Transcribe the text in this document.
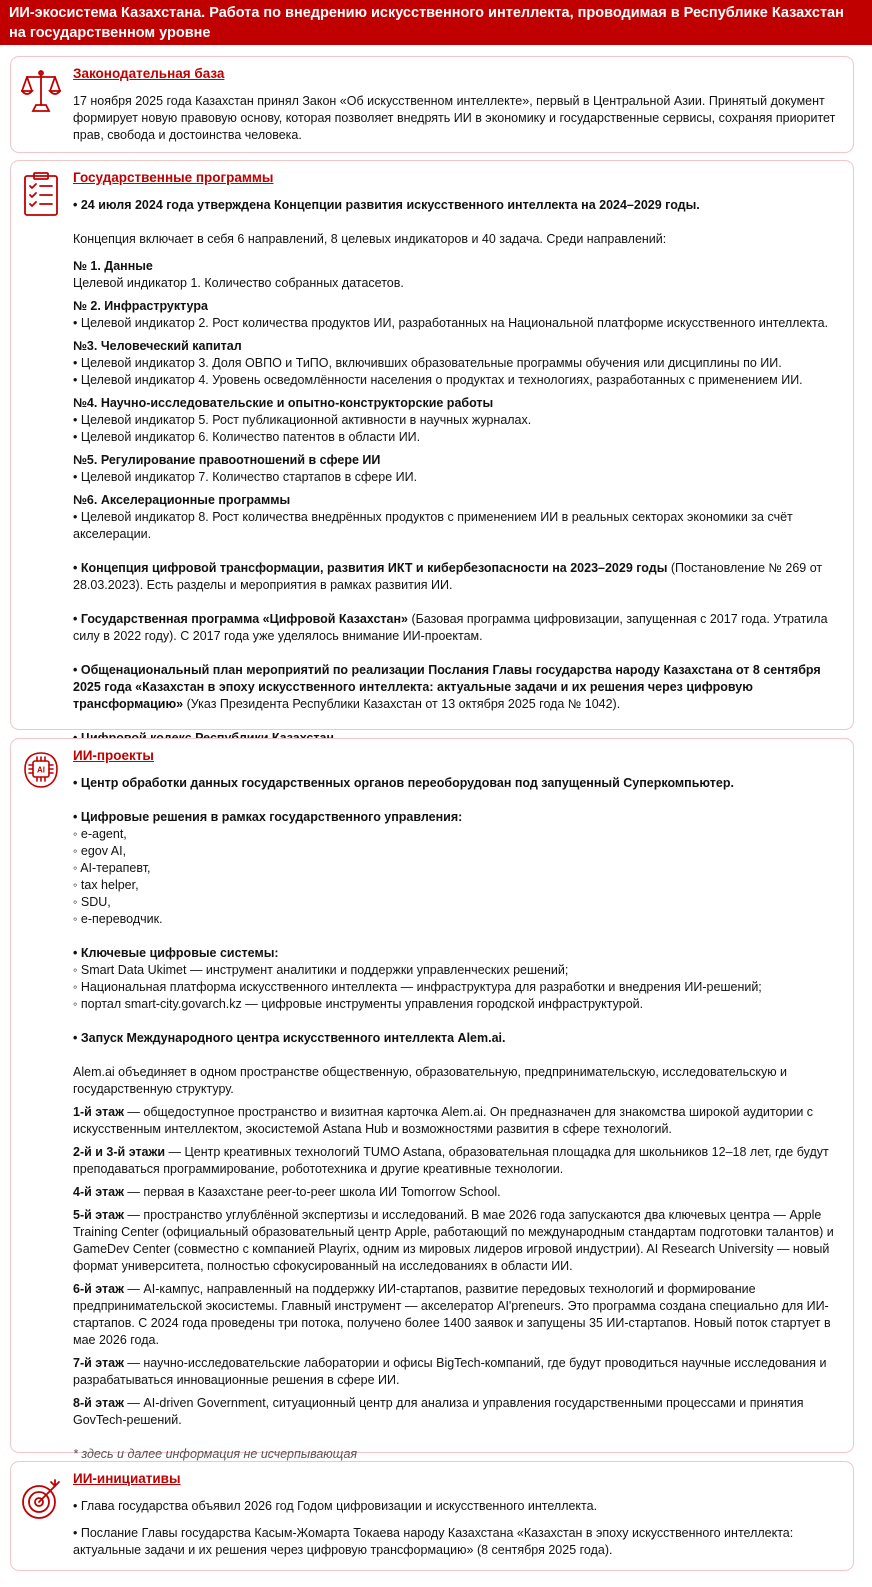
ИИ-экосистема Казахстана. Работа по внедрению искусственного интеллекта, проводимая в Республике Казахстан на государственном уровне
Законодательная база

17 ноября 2025 года Казахстан принял Закон «Об искусственном интеллекте», первый в Центральной Азии. Принятый документ формирует новую правовую основу, которая позволяет внедрять ИИ в экономику и государственные сервисы, сохраняя приоритет прав, свобода и достоинства человека.

Государственные программы

• 24 июля 2024 года утверждена Концепции развития искусственного интеллекта на 2024–2029 годы.

Концепция включает в себя 6 направлений, 8 целевых индикаторов и 40 задача. Среди направлений:

№ 1. Данные

Целевой индикатор 1. Количество собранных датасетов.

№ 2. Инфраструктура

• Целевой индикатор 2. Рост количества продуктов ИИ, разработанных на Национальной платформе искусственного интеллекта.

№3. Человеческий капитал

• Целевой индикатор 3. Доля ОВПО и ТиПО, включивших образовательные программы обучения или дисциплины по ИИ.

• Целевой индикатор 4. Уровень осведомлённости населения о продуктах и технологиях, разработанных с применением ИИ.

№4. Научно-исследовательские и опытно-конструкторские работы

• Целевой индикатор 5. Рост публикационной активности в научных журналах.

• Целевой индикатор 6. Количество патентов в области ИИ.

№5. Регулирование правоотношений в сфере ИИ

• Целевой индикатор 7. Количество стартапов в сфере ИИ.

№6. Акселерационные программы

• Целевой индикатор 8. Рост количества внедрённых продуктов с применением ИИ в реальных секторах экономики за счёт акселерации.

• Концепция цифровой трансформации, развития ИКТ и кибербезопасности на 2023–2029 годы (Постановление № 269 от 28.03.2023). Есть разделы и мероприятия в рамках развития ИИ.

• Государственная программа «Цифровой Казахстан» (Базовая программа цифровизации, запущенная с 2017 года. Утратила силу в 2022 году). С 2017 года уже уделялось внимание ИИ-проектам.

• Общенациональный план мероприятий по реализации Послания Главы государства народу Казахстана от 8 сентября 2025 года «Казахстан в эпоху искусственного интеллекта: актуальные задачи и их решения через цифровую трансформацию» (Указ Президента Республики Казахстан от 13 октября 2025 года № 1042).

AI
ИИ-проекты

• Центр обработки данных государственных органов переоборудован под запущенный Суперкомпьютер.

• Цифровые решения в рамках государственного управления:

◦ e-agent,

◦ egov AI,

◦ AI-терапевт,

◦ tax helper,

◦ SDU,

◦ е-переводчик.

• Ключевые цифровые системы:

◦ Smart Data Ukimet — инструмент аналитики и поддержки управленческих решений;

◦ Национальная платформа искусственного интеллекта — инфраструктура для разработки и внедрения ИИ-решений;

◦ портал smart-city.govarch.kz — цифровые инструменты управления городской инфраструктурой.

• Запуск Международного центра искусственного интеллекта Alem.ai.

Alem.ai объединяет в одном пространстве общественную, образовательную, предпринимательскую, исследовательскую и государственную структуру.

1-й этаж — общедоступное пространство и визитная карточка Alem.ai. Он предназначен для знакомства широкой аудитории с искусственным интеллектом, экосистемой Astana Hub и возможностями развития в сфере технологий.

2-й и 3-й этажи — Центр креативных технологий TUMO Astana, образовательная площадка для школьников 12–18 лет, где будут преподаваться программирование, робототехника и другие креативные технологии.

4-й этаж — первая в Казахстане peer-to-peer школа ИИ Tomorrow School.

5-й этаж — пространство углублённой экспертизы и исследований. В мае 2026 года запускаются два ключевых центра — Apple Training Center (официальный образовательный центр Apple, работающий по международным стандартам подготовки талантов) и GameDev Center (совместно с компанией Playrix, одним из мировых лидеров игровой индустрии). AI Research University — новый формат университета, полностью сфокусированный на исследованиях в области ИИ.

6-й этаж — AI-кампус, направленный на поддержку ИИ-стартапов, развитие передовых технологий и формирование предпринимательской экосистемы. Главный инструмент — акселератор AI'preneurs. Это программа создана специально для ИИ-стартапов. С 2024 года проведены три потока, получено более 1400 заявок и запущены 35 ИИ-стартапов. Новый поток стартует в мае 2026 года.

7-й этаж — научно-исследовательские лаборатории и офисы BigTech-компаний, где будут проводиться научные исследования и разрабатываться инновационные решения в сфере ИИ.

8-й этаж — AI-driven Government, ситуационный центр для анализа и управления государственными процессами и принятия GovTech-решений.

* здесь и далее информация не исчерпывающая

ИИ-инициативы

• Глава государства объявил 2026 год Годом цифровизации и искусственного интеллекта.

• Послание Главы государства Касым-Жомарта Токаева народу Казахстана «Казахстан в эпоху искусственного интеллекта: актуальные задачи и их решения через цифровую трансформацию» (8 сентября 2025 года).
